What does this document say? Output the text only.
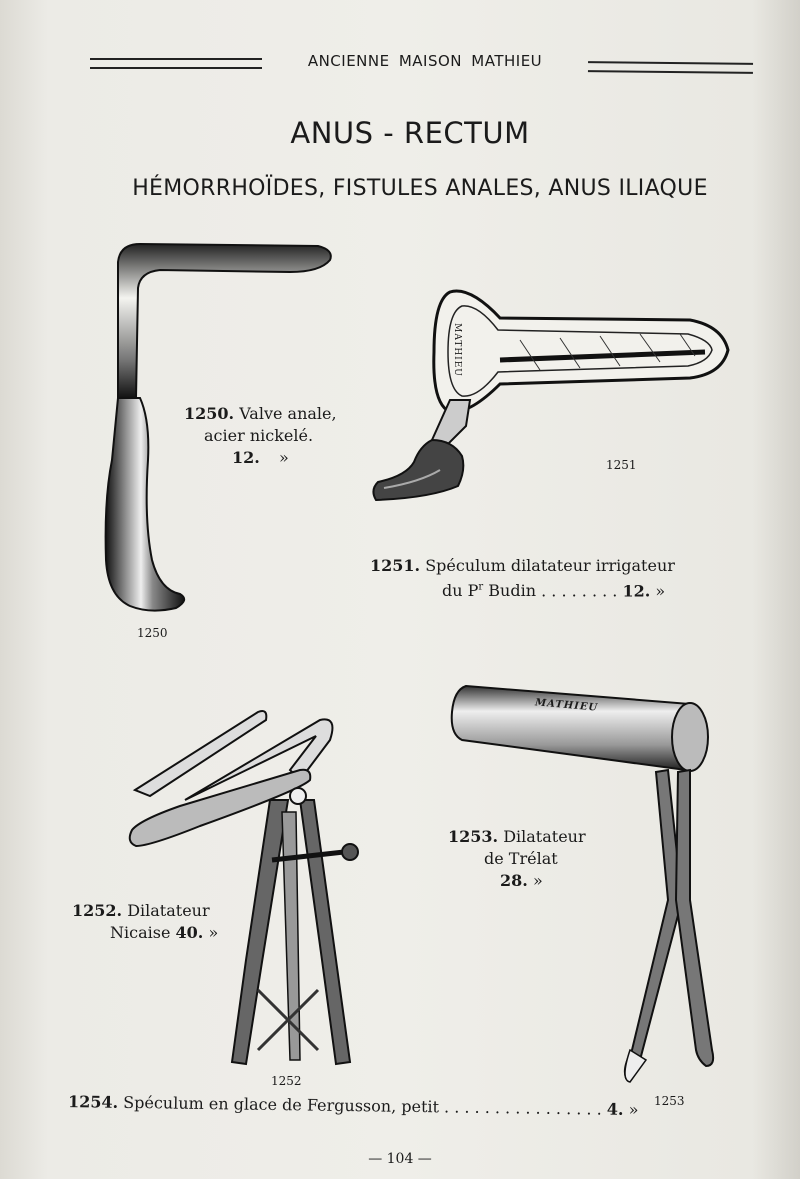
ANCIENNE MAISON MATHIEU
ANUS - RECTUM
HÉMORRHOÏDES, FISTULES ANALES, ANUS ILIAQUE
1250. Valve anale,
acier nickelé.
12. »
1250
MATHIEU
1251
1251. Spéculum dilatateur irrigateur
du $P^r$ Budin . . . . . . . . 12. »
1252. Dilatateur
Nicaise 40. »
1252
MATHIEU
1253. Dilatateur
de Trélat
28. »
1253
1254. Spéculum en glace de Fergusson, petit . . . . . . . . . . . . . . . . 4. »
— 104 —
